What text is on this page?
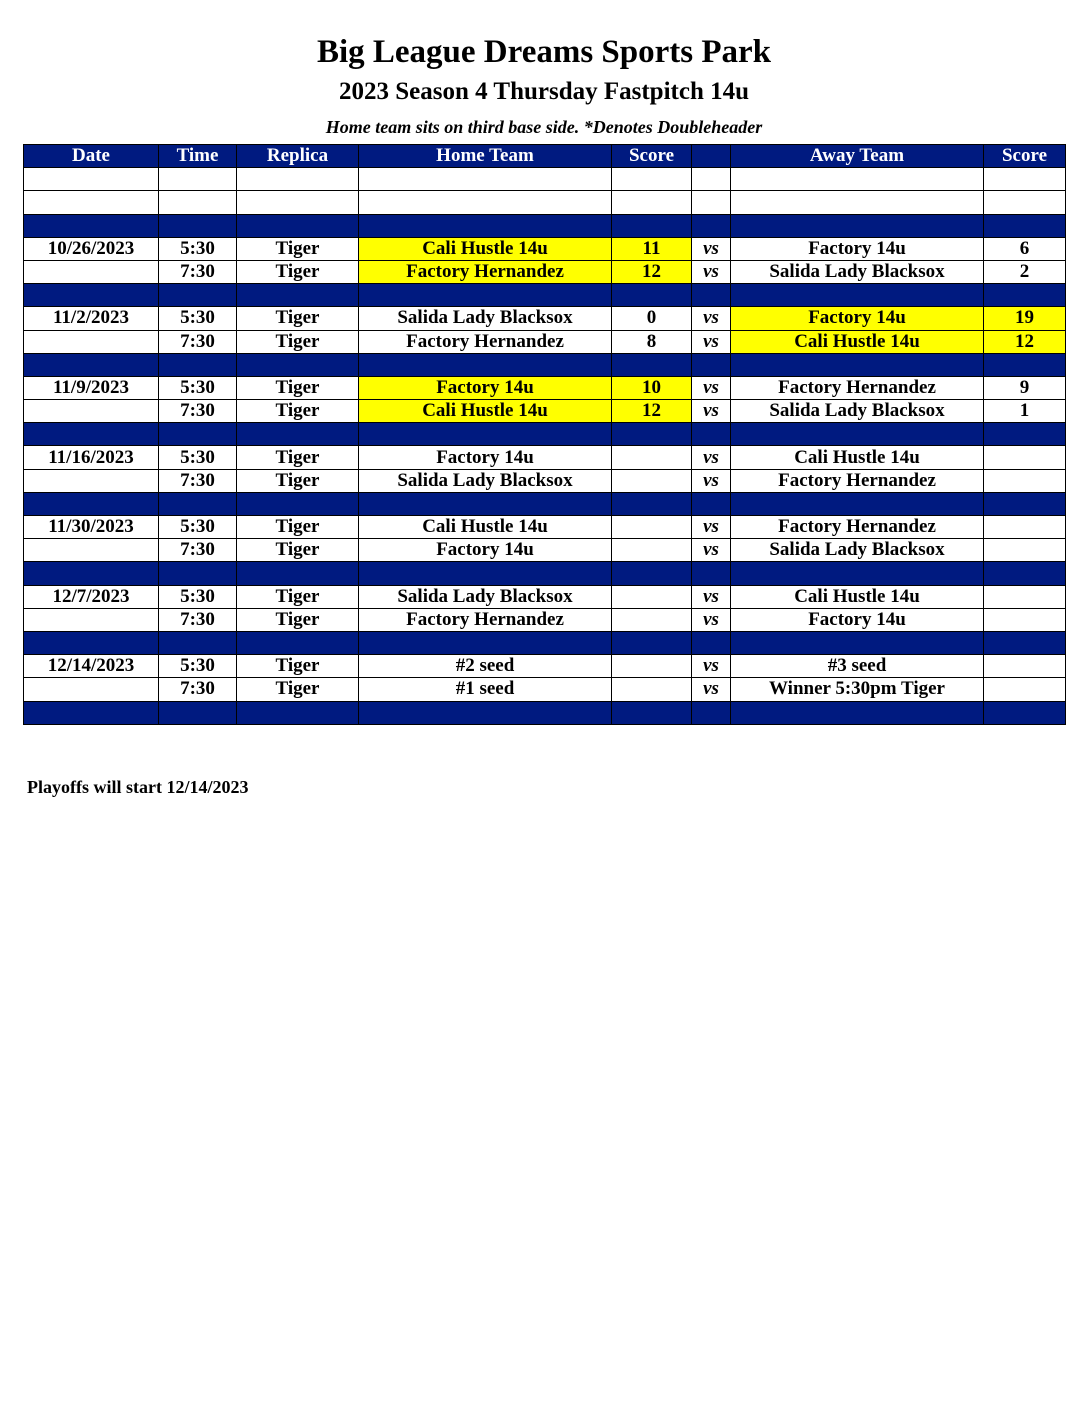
Big League Dreams Sports Park
2023 Season 4 Thursday Fastpitch 14u
Home team sits on third base side. *Denotes Doubleheader
Date	Time	Replica	Home Team	Score		Away Team	Score

10/26/2023	5:30	Tiger	Cali Hustle 14u	11	vs	Factory 14u	6
	7:30	Tiger	Factory Hernandez	12	vs	Salida Lady Blacksox	2

11/2/2023	5:30	Tiger	Salida Lady Blacksox	0	vs	Factory 14u	19
	7:30	Tiger	Factory Hernandez	8	vs	Cali Hustle 14u	12

11/9/2023	5:30	Tiger	Factory 14u	10	vs	Factory Hernandez	9
	7:30	Tiger	Cali Hustle 14u	12	vs	Salida Lady Blacksox	1

11/16/2023	5:30	Tiger	Factory 14u		vs	Cali Hustle 14u	
	7:30	Tiger	Salida Lady Blacksox		vs	Factory Hernandez	

11/30/2023	5:30	Tiger	Cali Hustle 14u		vs	Factory Hernandez	
	7:30	Tiger	Factory 14u		vs	Salida Lady Blacksox	

12/7/2023	5:30	Tiger	Salida Lady Blacksox		vs	Cali Hustle 14u	
	7:30	Tiger	Factory Hernandez		vs	Factory 14u	

12/14/2023	5:30	Tiger	#2 seed		vs	#3 seed	
	7:30	Tiger	#1 seed		vs	Winner 5:30pm Tiger	

Playoffs will start 12/14/2023
